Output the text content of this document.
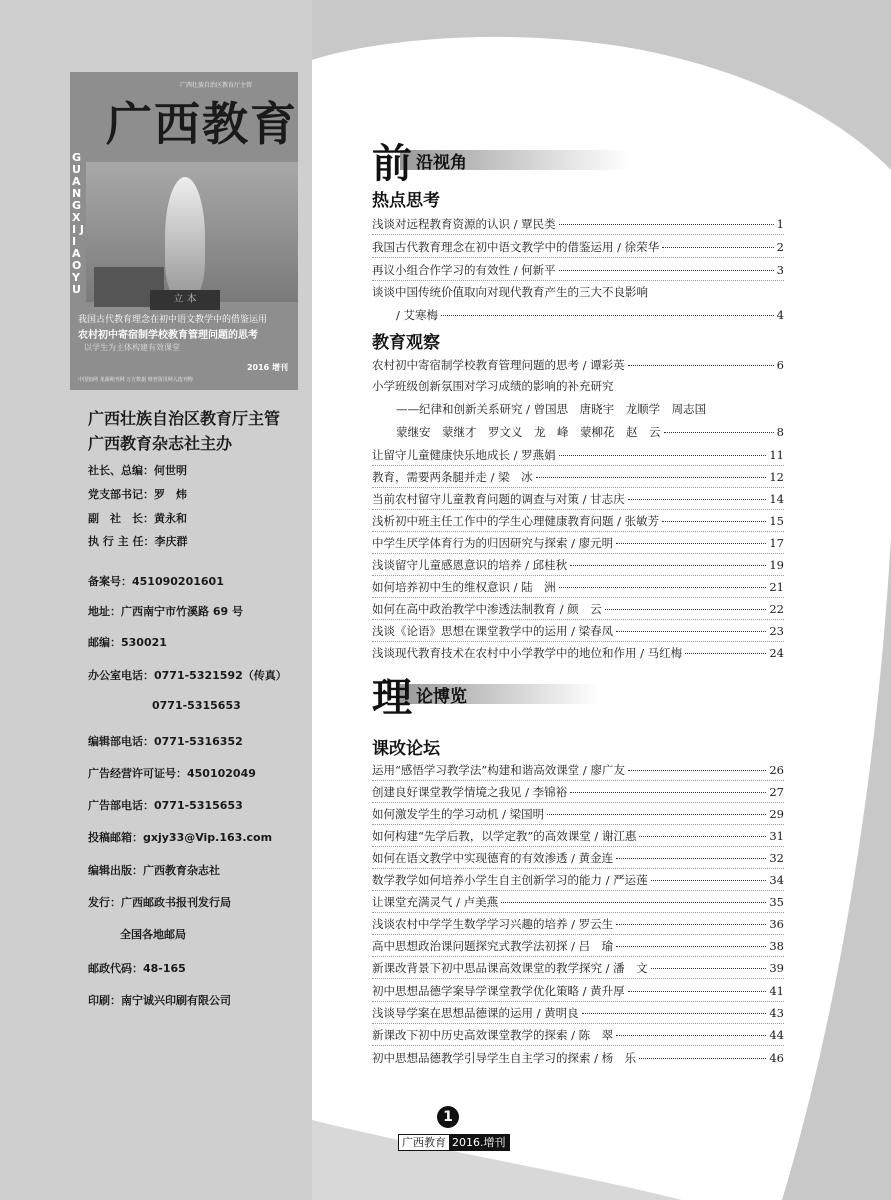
广西壮族自治区教育厅主管
广西教育
GUANGXI JIAOYU
立 本
我国古代教育理念在初中语文教学中的借鉴运用
农村初中寄宿制学校教育管理问题的思考
以学生为主体构建有效课堂
2016 增刊
中国知网 龙源期刊网 万方数据 维普资讯网入选刊物
广西壮族自治区教育厅主管
广西教育杂志社主办
社长、总编：何世明
党支部书记：罗　炜
副　社　长：黄永和
执 行 主 任：李庆群
备案号：451090201601
地址：广西南宁市竹溪路 69 号
邮编：530021
办公室电话：0771-5321592（传真）
0771-5315653
编辑部电话：0771-5316352
广告经营许可证号：450102049
广告部电话：0771-5315653
投稿邮箱：gxjy33@Vip.163.com
编辑出版：广西教育杂志社
发行：广西邮政书报刊发行局
全国各地邮局
邮政代码：48-165
印刷：南宁诚兴印刷有限公司
前 沿视角
热点思考
浅谈对远程教育资源的认识 / 覃民类	1
我国古代教育理念在初中语文教学中的借鉴运用 / 徐荣华	2
再议小组合作学习的有效性 / 何新平	3
谈谈中国传统价值取向对现代教育产生的三大不良影响
/ 艾寒梅	4
教育观察
农村初中寄宿制学校教育管理问题的思考 / 谭彩英	6
小学班级创新氛围对学习成绩的影响的补充研究
——纪律和创新关系研究 / 曾国思　唐晓宇　龙顺学　周志国
蒙继安　蒙继才　罗文义　龙　峰　蒙柳花　赵　云	8
让留守儿童健康快乐地成长 / 罗燕娟	11
教育，需要两条腿并走 / 梁　冰	12
当前农村留守儿童教育问题的调查与对策 / 甘志庆	14
浅析初中班主任工作中的学生心理健康教育问题 / 张敏芳	15
中学生厌学体育行为的归因研究与探索 / 廖元明	17
浅谈留守儿童感恩意识的培养 / 邱桂秋	19
如何培养初中生的维权意识 / 陆　洲	21
如何在高中政治教学中渗透法制教育 / 颜　云	22
浅谈《论语》思想在课堂教学中的运用 / 梁春凤	23
浅谈现代教育技术在农村中小学教学中的地位和作用 / 马红梅	24
理 论博览
课改论坛
运用“感悟学习教学法”构建和谐高效课堂 / 廖广友	26
创建良好课堂教学情境之我见 / 李锦裕	27
如何激发学生的学习动机 / 梁国明	29
如何构建“先学后教，以学定教”的高效课堂 / 谢江惠	31
如何在语文教学中实现德育的有效渗透 / 黄金连	32
数学教学如何培养小学生自主创新学习的能力 / 严运莲	34
让课堂充满灵气 / 卢美燕	35
浅谈农村中学学生数学学习兴趣的培养 / 罗云生	36
高中思想政治课问题探究式教学法初探 / 吕　瑜	38
新课改背景下初中思品课高效课堂的教学探究 / 潘　文	39
初中思想品德学案导学课堂教学优化策略 / 黄升厚	41
浅谈导学案在思想品德课的运用 / 黄明良	43
新课改下初中历史高效课堂教学的探索 / 陈　翠	44
初中思想品德教学引导学生自主学习的探索 / 杨　乐	46
1
广西教育 2016.增刊
